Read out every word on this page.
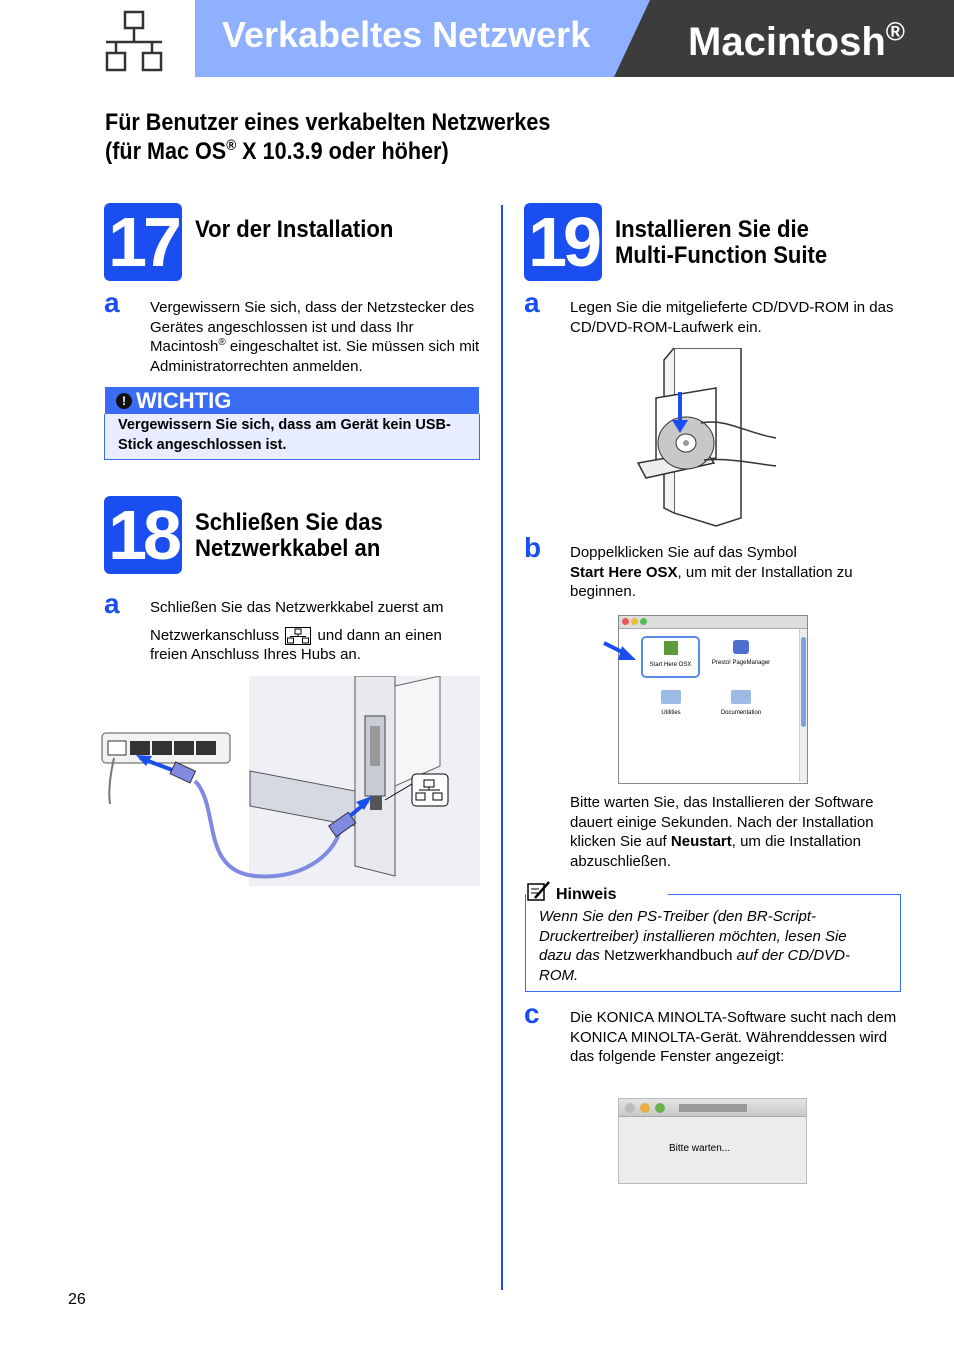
Verkabeltes Netzwerk Macintosh®
Für Benutzer eines verkabelten Netzwerkes
(für Mac OS® X 10.3.9 oder höher)
17 Vor der Installation
a Vergewissern Sie sich, dass der Netzstecker des Gerätes angeschlossen ist und dass Ihr Macintosh® eingeschaltet ist. Sie müssen sich mit Administratorrechten anmelden.
! WICHTIG
Vergewissern Sie sich, dass am Gerät kein USB-Stick angeschlossen ist.
18 Schließen Sie das
Netzwerkkabel an
a Schließen Sie das Netzwerkkabel zuerst am
Netzwerkanschluss  und dann an einen freien Anschluss Ihres Hubs an.
19 Installieren Sie die
Multi-Function Suite
a Legen Sie die mitgelieferte CD/DVD-ROM in das CD/DVD-ROM-Laufwerk ein.
b Doppelklicken Sie auf das Symbol
Start Here OSX, um mit der Installation zu beginnen.
Start Here OSX	Presto! PageManager
Utilities	Documentation
Bitte warten Sie, das Installieren der Software dauert einige Sekunden. Nach der Installation klicken Sie auf Neustart, um die Installation abzuschließen.
Hinweis
Wenn Sie den PS-Treiber (den BR-Script-Druckertreiber) installieren möchten, lesen Sie dazu das Netzwerkhandbuch auf der CD/DVD-ROM.
c Die KONICA MINOLTA-Software sucht nach dem KONICA MINOLTA-Gerät. Währenddessen wird das folgende Fenster angezeigt:
Bitte warten...
26
